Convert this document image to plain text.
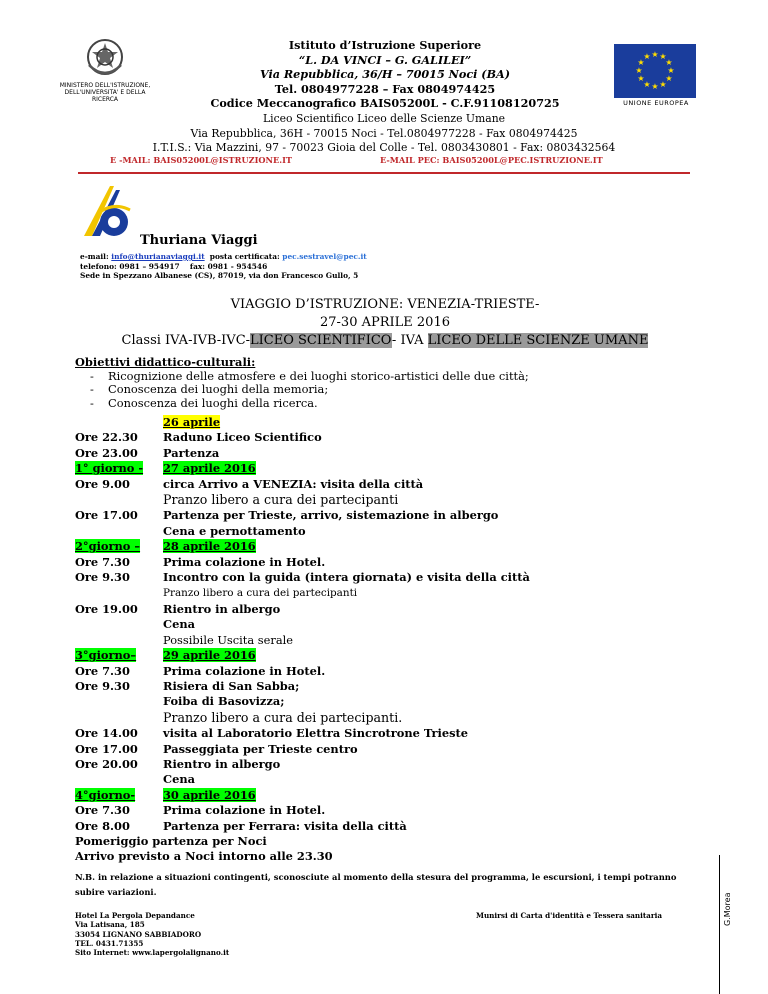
MINISTERO DELL'ISTRUZIONE, DELL'UNIVERSITA' E DELLA RICERCA
Istituto d’Istruzione Superiore
“L. DA VINCI – G. GALILEI”
Via Repubblica, 36/H – 70015 Noci (BA)
Tel. 0804977228 – Fax 0804974425
Codice Meccanografico BAIS05200L - C.F.91108120725
★ ★
★
★
★
★
★
★
★
★
★
★
UNIONE EUROPEA
Liceo Scientifico Liceo delle Scienze Umane
Via Repubblica, 36H - 70015 Noci - Tel.0804977228 - Fax 0804974425
I.T.I.S.: Via Mazzini, 97 - 70023 Gioia del Colle - Tel. 0803430801 - Fax: 0803432564
E -MAIL: BAIS05200L@ISTRUZIONE.IT	E-MAIL PEC: BAIS05200L@PEC.ISTRUZIONE.IT
Thuriana Viaggi
e-mail: info@thurianaviaggi.it  posta certificata: pec.sestravel@pec.it
telefono: 0981 – 954917    fax: 0981 - 954546
Sede in Spezzano Albanese (CS), 87019, via don Francesco Gullo, 5
VIAGGIO D’ISTRUZIONE: VENEZIA-TRIESTE-
27-30 APRILE 2016
Classi IVA-IVB-IVC-LICEO SCIENTIFICO- IVA LICEO DELLE SCIENZE UMANE
Obiettivi didattico-culturali:
- Ricognizione delle atmosfere e dei luoghi storico-artistici delle due città;
- Conoscenza dei luoghi della memoria;
- Conoscenza dei luoghi della ricerca.
26 aprile
Ore 22.30	Raduno Liceo Scientifico
Ore 23.00	Partenza
1° giorno -	27 aprile 2016
Ore 9.00	circa Arrivo a VENEZIA: visita della città
Pranzo libero a cura dei partecipanti
Ore 17.00	Partenza per Trieste, arrivo, sistemazione in albergo
Cena e pernottamento
2°giorno –	28 aprile 2016
Ore 7.30	Prima colazione in Hotel.
Ore 9.30	Incontro con la guida (intera giornata) e visita della città
Pranzo libero a cura dei partecipanti
Ore 19.00	Rientro in albergo
Cena
Possibile Uscita serale
3°giorno–	29 aprile 2016
Ore 7.30	Prima colazione in Hotel.
Ore 9.30	Risiera di San Sabba;
Foiba di Basovizza;
Pranzo libero a cura dei partecipanti.
Ore 14.00	visita al Laboratorio Elettra Sincrotrone Trieste
Ore 17.00	Passeggiata per Trieste centro
Ore 20.00	Rientro in albergo
Cena
4°giorno-	30 aprile 2016
Ore 7.30	Prima colazione in Hotel.
Ore 8.00	Partenza per Ferrara: visita della città
Pomeriggio partenza per Noci
Arrivo previsto a Noci intorno alle 23.30
N.B. in relazione a situazioni contingenti, sconosciute al momento della stesura del programma, le escursioni, i tempi potranno subire variazioni.
Hotel La Pergola Depandance
Via Latisana, 185
33054 LIGNANO SABBIADORO
TEL. 0431.71355
Sito Internet: www.lapergolalignano.it
Munirsi di Carta d'identità e Tessera sanitaria	G.Morea
